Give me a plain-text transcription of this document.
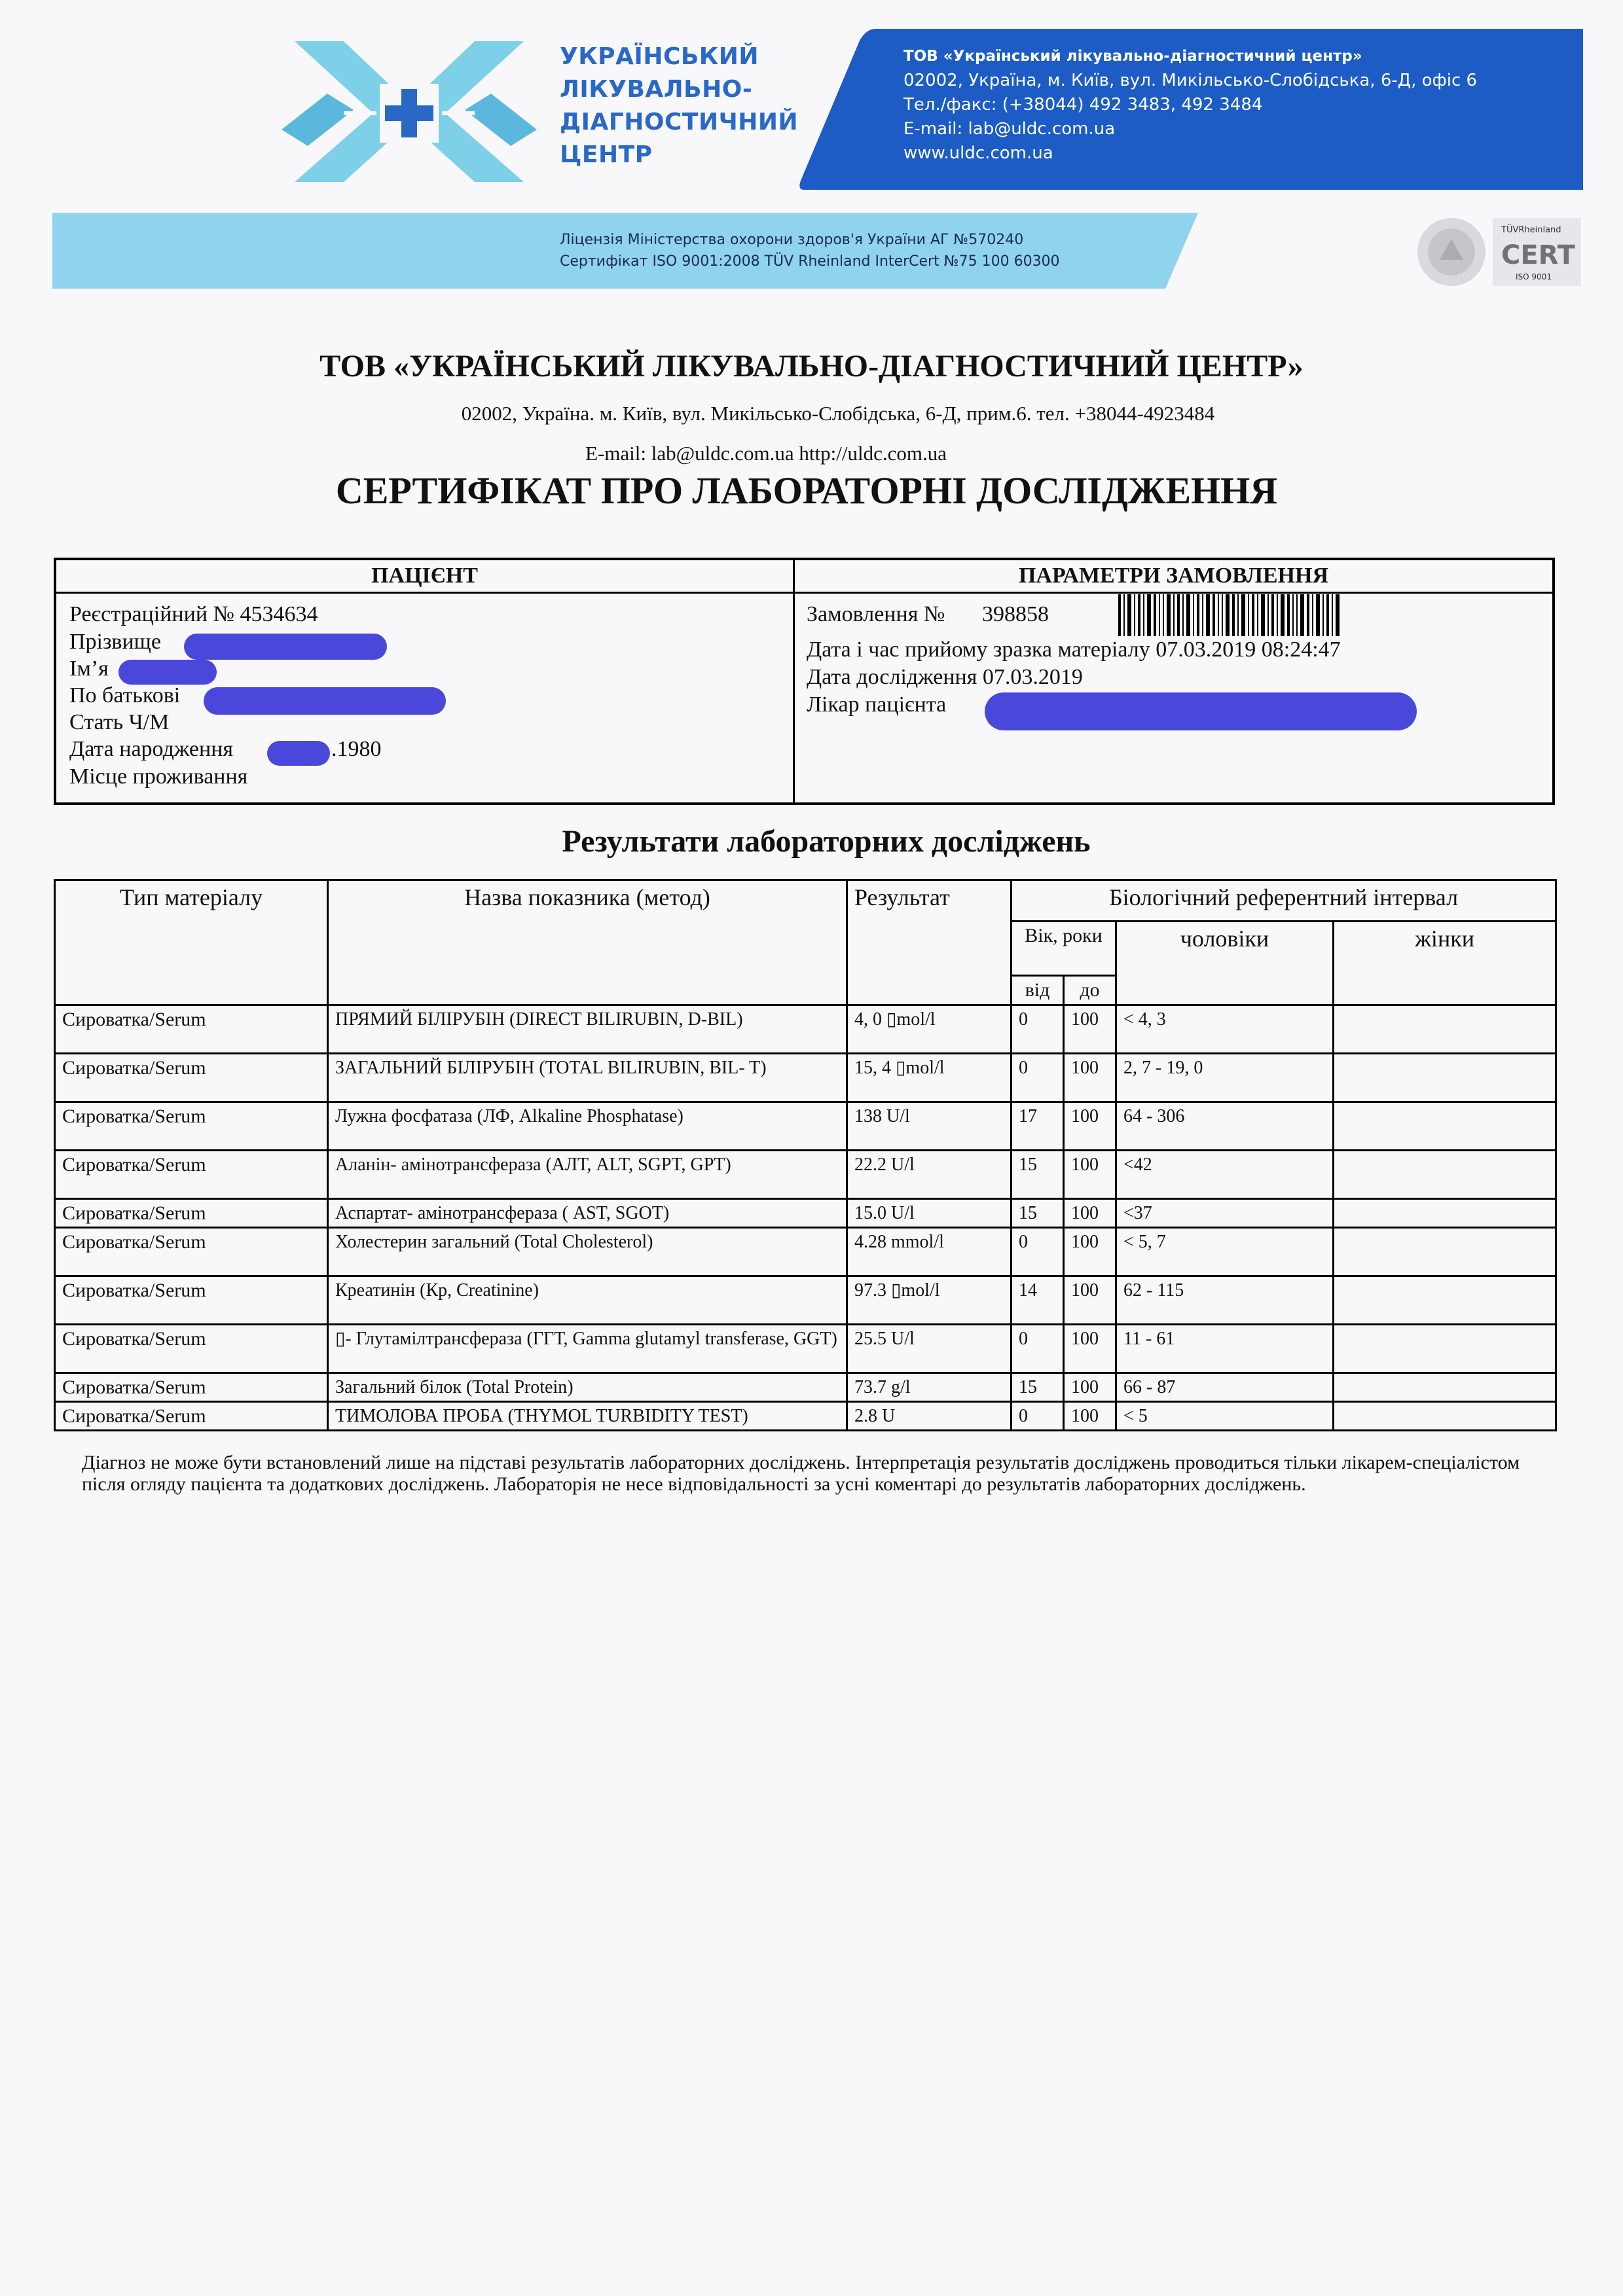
УКРАЇНСЬКИЙ
ЛІКУВАЛЬНО-
ДІАГНОСТИЧНИЙ
ЦЕНТР
ТОВ «Український лікувально-діагностичний центр»
02002, Україна, м. Київ, вул. Микільсько-Слобідська, 6-Д, офіс 6
Тел./факс: (+38044) 492 3483, 492 3484
E-mail: lab@uldc.com.ua
www.uldc.com.ua
Ліцензія Міністерства охорони здоров'я України АГ №570240
Сертифікат ISO 9001:2008 TÜV Rheinland InterCert №75 100 60300
TÜVRheinland
CERT
ISO 9001
ТОВ «УКРАЇНСЬКИЙ ЛІКУВАЛЬНО-ДІАГНОСТИЧНИЙ ЦЕНТР»
02002, Україна. м. Київ, вул. Микільсько-Слобідська, 6-Д, прим.6. тел. +38044-4923484
E-mail: lab@uldc.com.ua http://uldc.com.ua
СЕРТИФІКАТ ПРО ЛАБОРАТОРНІ ДОСЛІДЖЕННЯ
ПАЦІЄНТ	ПАРАМЕТРИ ЗАМОВЛЕННЯ
Реєстраційний № 4534634
Прізвище
Ім’я
По батькові
Стать Ч/М
Дата народження	.1980
Місце проживання
Замовлення № 398858
Дата і час прийому зразка матеріалу 07.03.2019 08:24:47
Дата дослідження 07.03.2019
Лікар пацієнта
Результати лабораторних досліджень
Тип матеріалу	Назва показника (метод)	Результат	Біологічний референтний інтервал			
			Вік, роки		чоловіки	жінки
			від	до		
Сироватка/Serum	ПРЯМИЙ БІЛІРУБІН (DIRECT BILIRUBIN, D-BIL)	4, 0 ▯mol/l	0	100	< 4, 3	
Сироватка/Serum	ЗАГАЛЬНИЙ БІЛІРУБІН (TOTAL BILIRUBIN, BIL- T)	15, 4 ▯mol/l	0	100	2, 7 - 19, 0	
Сироватка/Serum	Лужна фосфатаза (ЛФ, Alkaline Phosphatase)	138 U/l	17	100	64 - 306	
Сироватка/Serum	Аланін- амінотрансфераза (АЛТ, ALT, SGPT, GPT)	22.2 U/l	15	100	<42	
Сироватка/Serum	Аспартат- амінотрансфераза ( AST, SGOT)	15.0 U/l	15	100	<37	
Сироватка/Serum	Холестерин загальний (Total Cholesterol)	4.28 mmol/l	0	100	< 5, 7	
Сироватка/Serum	Креатинін (Кр, Creatinine)	97.3 ▯mol/l	14	100	62 - 115	
Сироватка/Serum	▯- Глутамілтрансфераза (ГГТ, Gamma glutamyl transferase, GGT)	25.5 U/l	0	100	11 - 61	
Сироватка/Serum	Загальний білок (Total Protein)	73.7 g/l	15	100	66 - 87	
Сироватка/Serum	ТИМОЛОВА ПРОБА (THYMOL TURBIDITY TEST)	2.8 U	0	100	< 5	
Діагноз не може бути встановлений лише на підставі результатів лабораторних досліджень. Інтерпретація результатів досліджень проводиться тільки лікарем-спеціалістом після огляду пацієнта та додаткових досліджень. Лабораторія не несе відповідальності за усні коментарі до результатів лабораторних досліджень.
